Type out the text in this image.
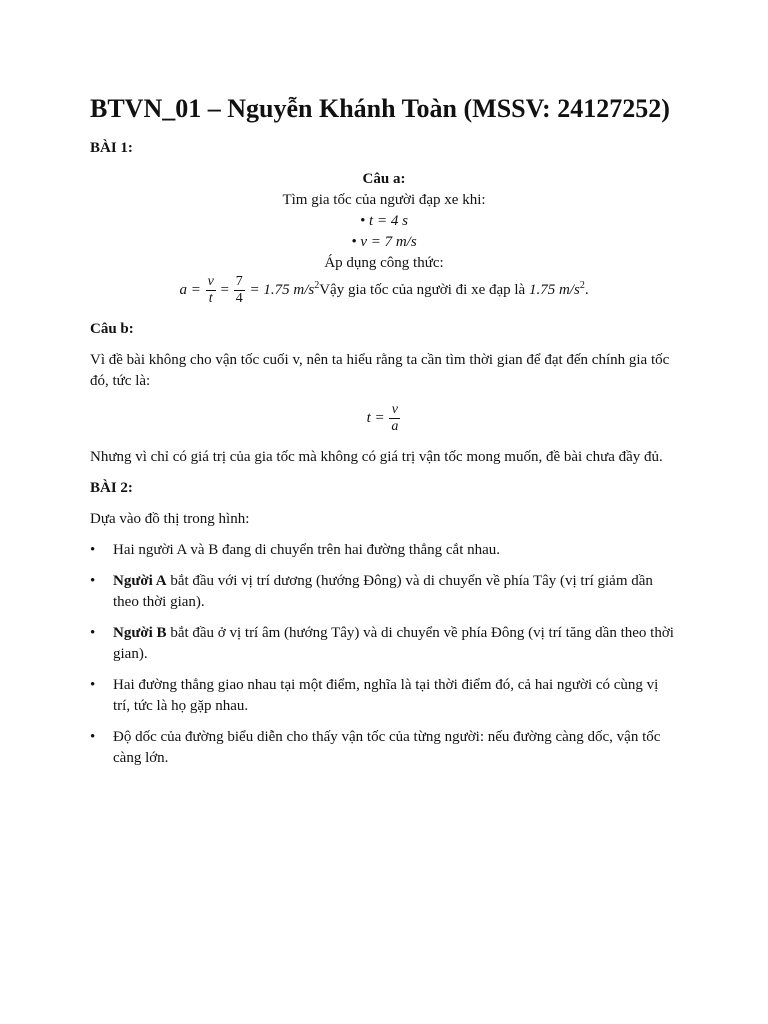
BTVN_01 – Nguyễn Khánh Toàn (MSSV: 24127252)
BÀI 1:
Câu a:
Tìm gia tốc của người đạp xe khi:
• t = 4 s
• v = 7 m/s
Áp dụng công thức:
$a = \frac{v}{t} = \frac{7}{4} = 1.75$ $m/s^2Vậy$ gia tốc của người đi xe đạp là 1.75 $m/s^2$.
Câu b:

Vì đề bài không cho vận tốc cuối v, nên ta hiểu rằng ta cần tìm thời gian để đạt đến chính gia tốc đó, tức là:

$t = \frac{v}{a}$

Nhưng vì chỉ có giá trị của gia tốc mà không có giá trị vận tốc mong muốn, đề bài chưa đầy đủ.

BÀI 2:

Dựa vào đồ thị trong hình:

• Hai người A và B đang di chuyển trên hai đường thẳng cắt nhau.
• Người A bắt đầu với vị trí dương (hướng Đông) và di chuyển về phía Tây (vị trí giảm dần theo thời gian).
• Người B bắt đầu ở vị trí âm (hướng Tây) và di chuyển về phía Đông (vị trí tăng dần theo thời gian).
• Hai đường thẳng giao nhau tại một điểm, nghĩa là tại thời điểm đó, cả hai người có cùng vị trí, tức là họ gặp nhau.
• Độ dốc của đường biểu diễn cho thấy vận tốc của từng người: nếu đường càng dốc, vận tốc càng lớn.
